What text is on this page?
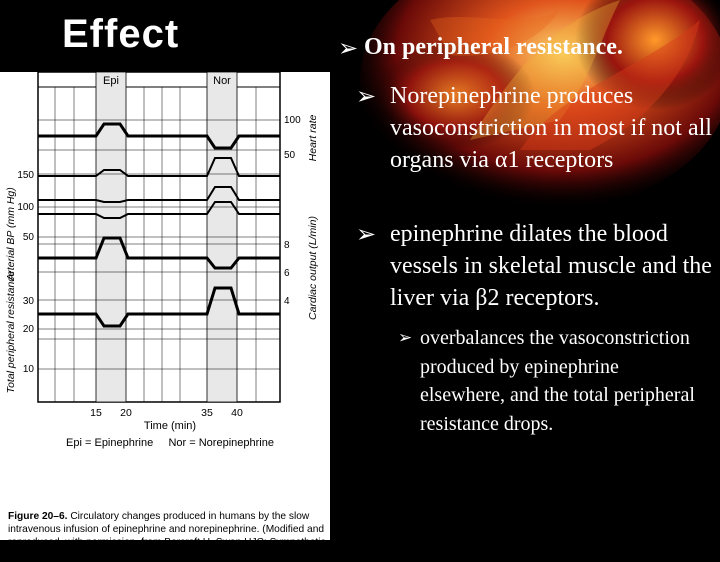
Effect
Epi	Nor
150
100
50
30
20
10
100
50
8
6
4
Arterial BP (mm Hg)
Total peripheral resistance
Heart rate
Cardiac output (L/min)
15 20	35 40
Time (min)
Epi = Epinephrine     Nor = Norepinephrine
Figure 20–6. Circulatory changes produced in humans by the slow intravenous infusion of epinephrine and norepinephrine. (Modified and reproduced, with permission, from Barcroft H, Swan HJC: Sympathetic Control of Human Blood Vessels. Arnold, 1953.)
➢ On peripheral resistance.
➢ Norepinephrine produces vasoconstriction in most if not all organs via α1 receptors
➢ epinephrine dilates the blood vessels in skeletal muscle and the liver via β2 receptors.
➢ overbalances the vasoconstriction produced by epinephrine elsewhere, and the total peripheral resistance drops.
